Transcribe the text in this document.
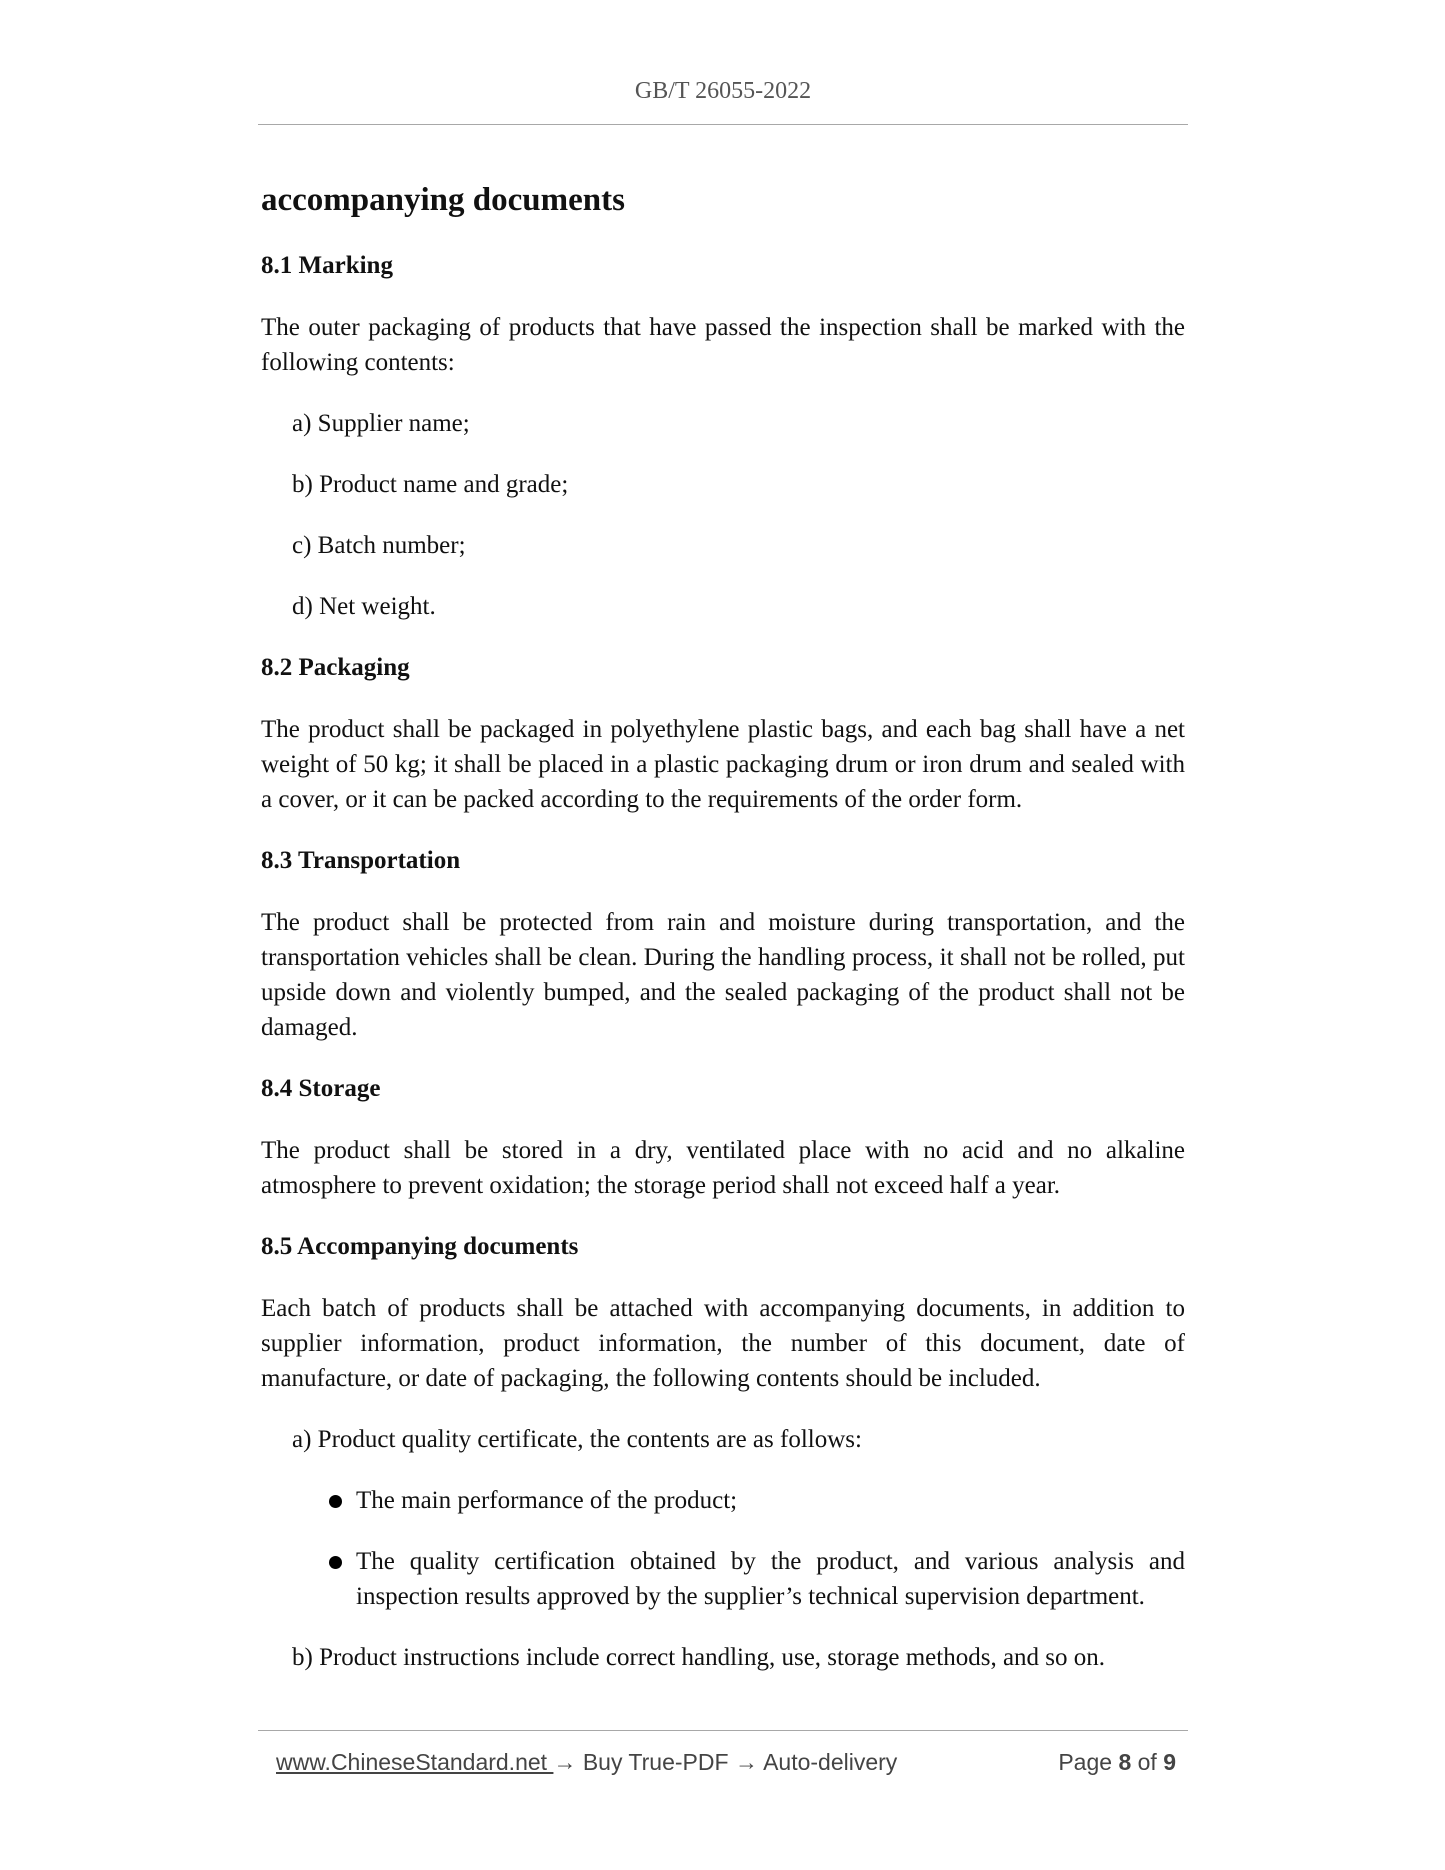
GB/T 26055-2022

accompanying documents

8.1 Marking

The outer packaging of products that have passed the inspection shall be marked with the following contents:

a) Supplier name;

b) Product name and grade;

c) Batch number;

d) Net weight.

8.2 Packaging

The product shall be packaged in polyethylene plastic bags, and each bag shall have a net weight of 50 kg; it shall be placed in a plastic packaging drum or iron drum and sealed with a cover, or it can be packed according to the requirements of the order form.

8.3 Transportation

The product shall be protected from rain and moisture during transportation, and the transportation vehicles shall be clean. During the handling process, it shall not be rolled, put upside down and violently bumped, and the sealed packaging of the product shall not be damaged.

8.4 Storage

The product shall be stored in a dry, ventilated place with no acid and no alkaline atmosphere to prevent oxidation; the storage period shall not exceed half a year.

8.5 Accompanying documents

Each batch of products shall be attached with accompanying documents, in addition to supplier information, product information, the number of this document, date of manufacture, or date of packaging, the following contents should be included.

a) Product quality certificate, the contents are as follows:

The main performance of the product;
The quality certification obtained by the product, and various analysis and inspection results approved by the supplier’s technical supervision department.

b) Product instructions include correct handling, use, storage methods, and so on.

www.ChineseStandard.net → Buy True-PDF → Auto-delivery	Page 8 of 9
